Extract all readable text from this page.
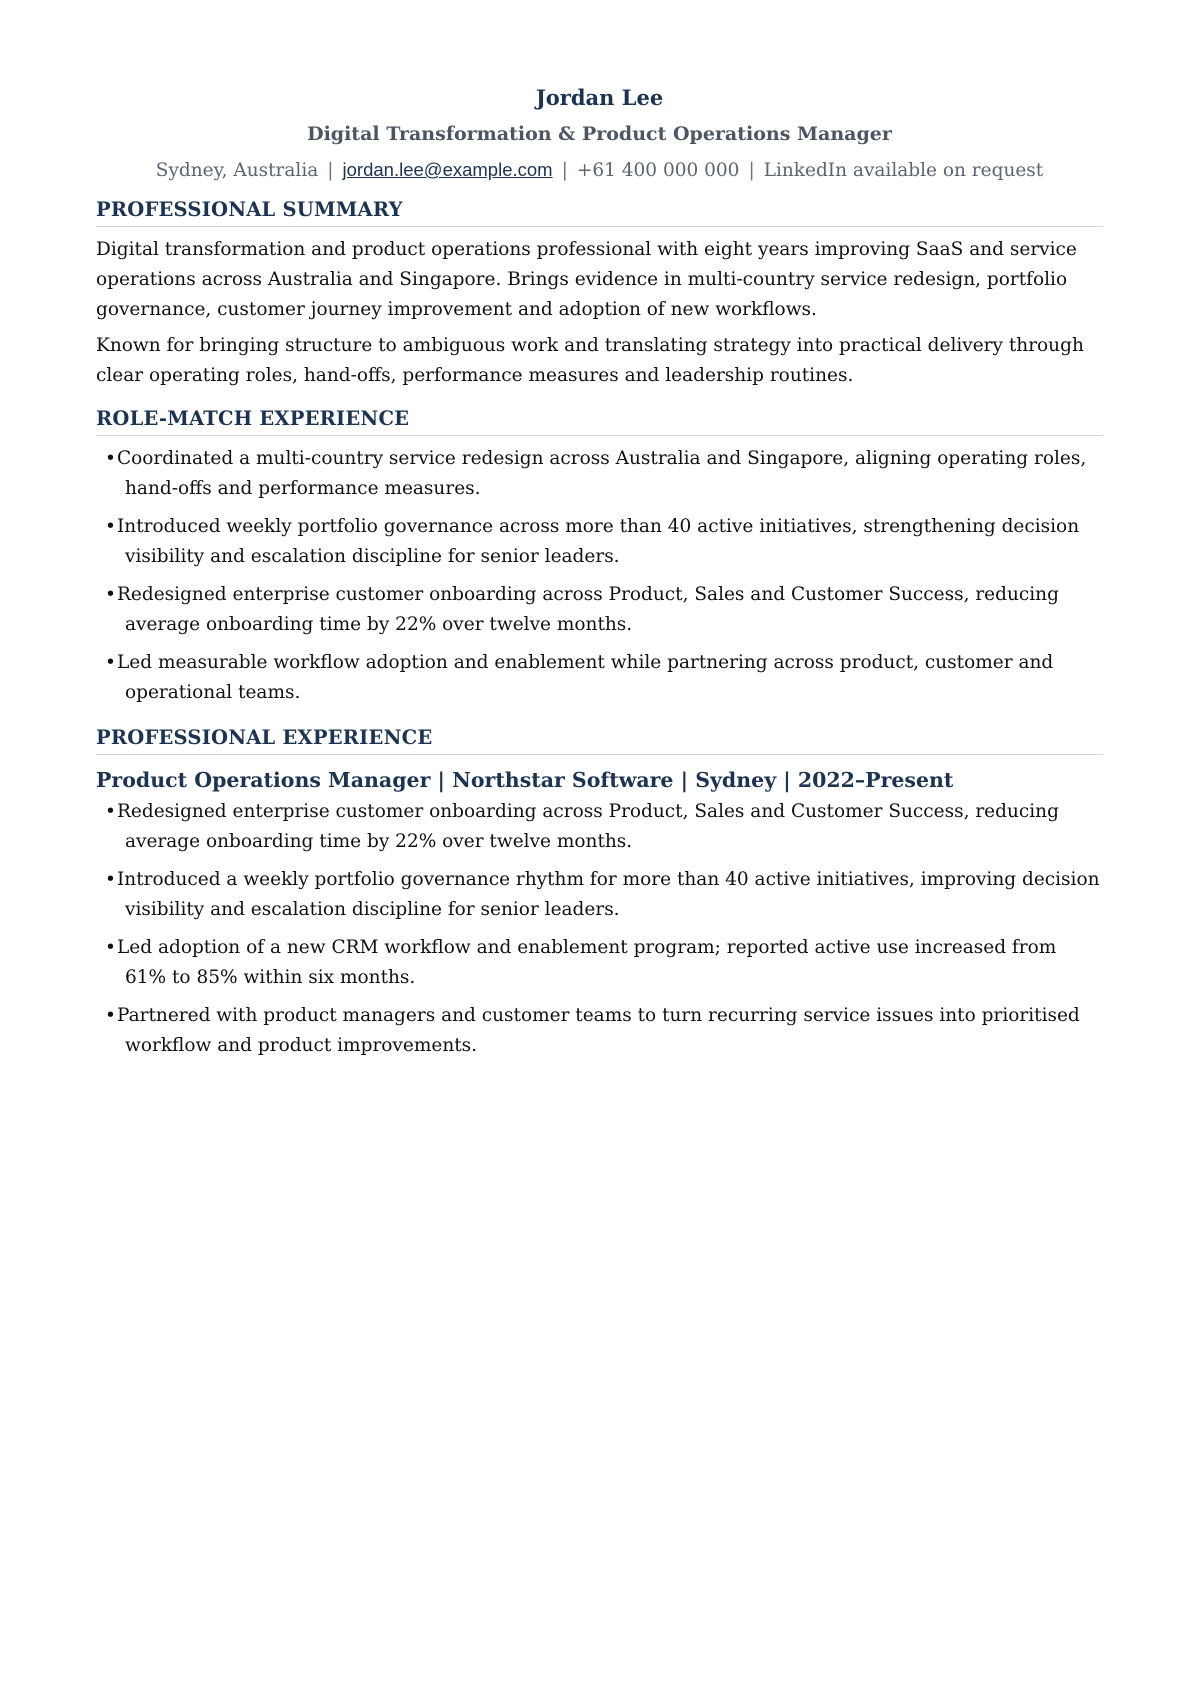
Jordan Lee
Digital Transformation & Product Operations Manager
Sydney, Australia | jordan.lee@example.com | +61 400 000 000 | LinkedIn available on request
PROFESSIONAL SUMMARY

Digital transformation and product operations professional with eight years improving SaaS and service operations across Australia and Singapore. Brings evidence in multi-country service redesign, portfolio governance, customer journey improvement and adoption of new workflows.

Known for bringing structure to ambiguous work and translating strategy into practical delivery through clear operating roles, hand-offs, performance measures and leadership routines.

ROLE-MATCH EXPERIENCE
•Coordinated a multi-country service redesign across Australia and Singapore, aligning operating roles, hand-offs and performance measures.
•Introduced weekly portfolio governance across more than 40 active initiatives, strengthening decision visibility and escalation discipline for senior leaders.
•Redesigned enterprise customer onboarding across Product, Sales and Customer Success, reducing average onboarding time by 22% over twelve months.
•Led measurable workflow adoption and enablement while partnering across product, customer and operational teams.
PROFESSIONAL EXPERIENCE
Product Operations Manager | Northstar Software | Sydney | 2022–Present
•Redesigned enterprise customer onboarding across Product, Sales and Customer Success, reducing average onboarding time by 22% over twelve months.
•Introduced a weekly portfolio governance rhythm for more than 40 active initiatives, improving decision visibility and escalation discipline for senior leaders.
•Led adoption of a new CRM workflow and enablement program; reported active use increased from 61% to 85% within six months.
•Partnered with product managers and customer teams to turn recurring service issues into prioritised workflow and product improvements.
